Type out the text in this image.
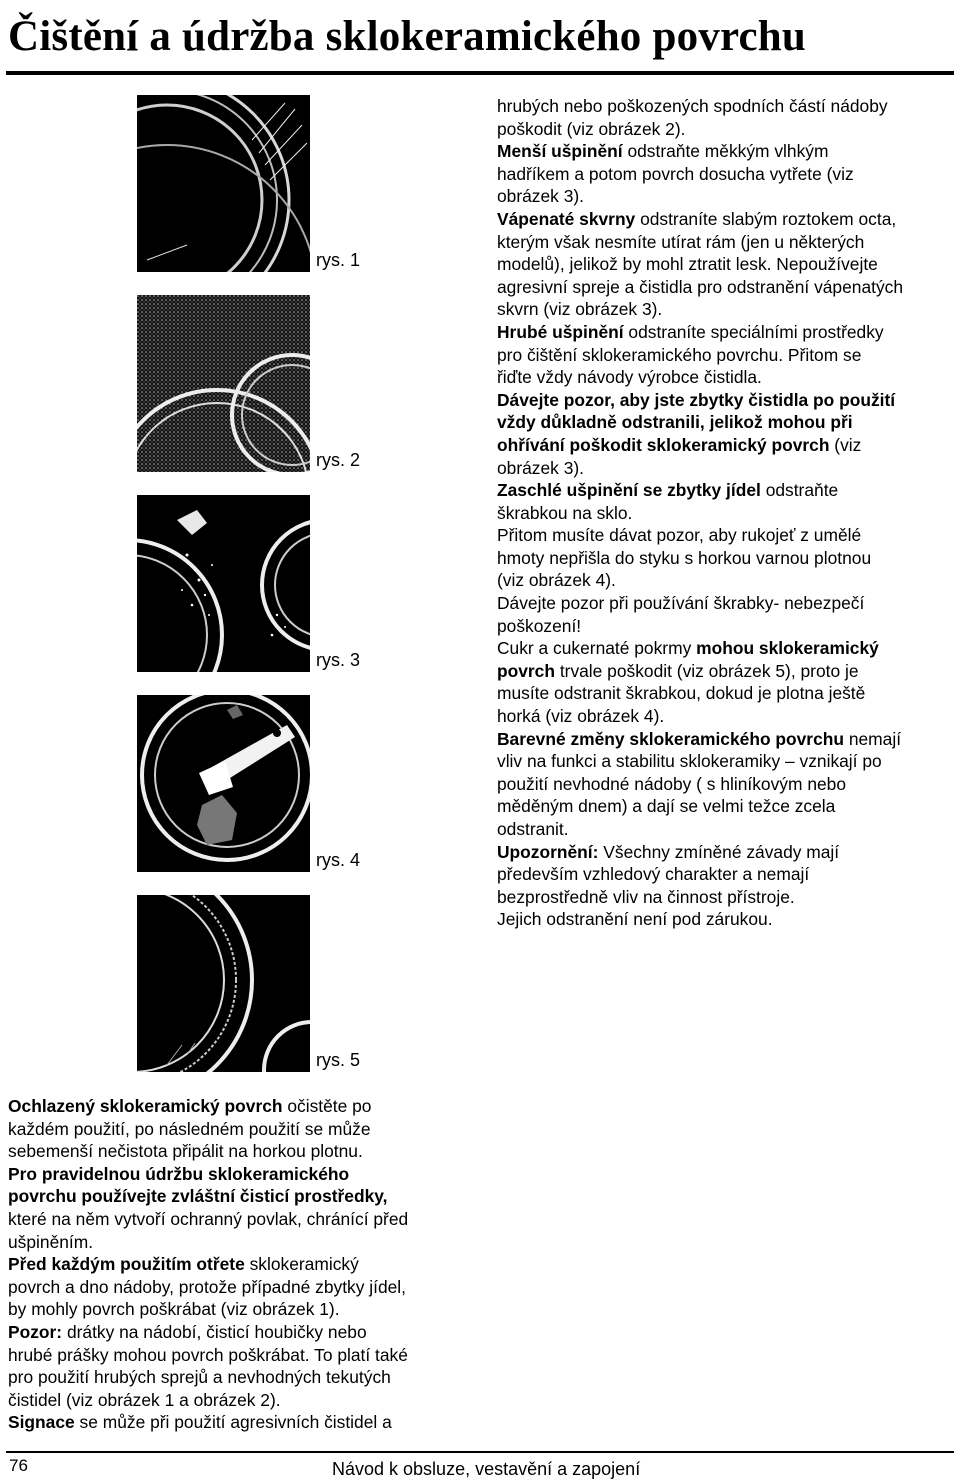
Čištění a údržba sklokeramického povrchu
rys. 1
rys. 2
rys. 3
rys. 4
rys. 5

hrubých nebo poškozených spodních částí nádoby

poškodit (viz obrázek 2).

Menší ušpinění odstraňte měkkým vlhkým

hadříkem a potom povrch dosucha vytřete (viz

obrázek 3).

Vápenaté skvrny odstraníte slabým roztokem octa,

kterým však nesmíte utírat rám (jen u některých

modelů), jelikož by mohl ztratit lesk. Nepoužívejte

agresivní spreje a čistidla pro odstranění vápenatých

skvrn (viz obrázek 3).

Hrubé ušpinění odstraníte speciálními prostředky

pro čištění sklokeramického povrchu. Přitom se

řiďte vždy návody výrobce čistidla.

Dávejte pozor, aby jste zbytky čistidla po použití

vždy důkladně odstranili, jelikož mohou při

ohřívání poškodit sklokeramický povrch (viz

obrázek 3).

Zaschlé ušpinění se zbytky jídel odstraňte

škrabkou na sklo.

Přitom musíte dávat pozor, aby rukojeť z umělé

hmoty nepřišla do styku s horkou varnou plotnou

(viz obrázek 4).

Dávejte pozor při používání škrabky- nebezpečí

poškození!

Cukr a cukernaté pokrmy mohou sklokeramický

povrch trvale poškodit (viz obrázek 5), proto je

musíte odstranit škrabkou, dokud je plotna ještě

horká (viz obrázek 4).

Barevné změny sklokeramického povrchu nemají

vliv na funkci a stabilitu sklokeramiky – vznikají po

použití nevhodné nádoby ( s hliníkovým nebo

měděným dnem) a dají se velmi težce zcela

odstranit.

Upozornění: Všechny zmíněné závady mají

především vzhledový charakter a nemají

bezprostředně vliv na činnost přístroje.

Jejich odstranění není pod zárukou.

Ochlazený sklokeramický povrch očistěte po

každém použití, po následném použití se může

sebemenší nečistota připálit na horkou plotnu.

Pro pravidelnou údržbu sklokeramického

povrchu používejte zvláštní čisticí prostředky,

které na něm vytvoří ochranný povlak, chránící před

ušpiněním.

Před každým použitím otřete sklokeramický

povrch a dno nádoby, protože případné zbytky jídel,

by mohly povrch poškrábat (viz obrázek 1).

Pozor: drátky na nádobí, čisticí houbičky nebo

hrubé prášky mohou povrch poškrábat. To platí také

pro použití hrubých sprejů a nevhodných tekutých

čistidel (viz obrázek 1 a obrázek 2).

Signace se může při použití agresivních čistidel a

76	Návod k obsluze, vestavění a zapojení
